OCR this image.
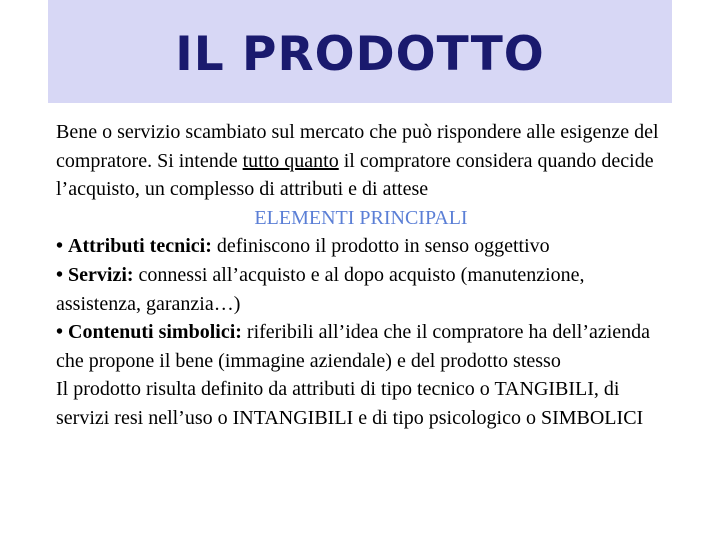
IL PRODOTTO

Bene o servizio scambiato sul mercato che può rispondere alle esigenze del compratore. Si intende tutto quanto il compratore considera quando decide l’acquisto, un complesso di attributi e di attese

ELEMENTI PRINCIPALI

• Attributi tecnici: definiscono il prodotto in senso oggettivo

• Servizi: connessi all’acquisto e al dopo acquisto (manutenzione, assistenza, garanzia…)

• Contenuti simbolici: riferibili all’idea che il compratore ha dell’azienda che propone il bene (immagine aziendale) e del prodotto stesso

Il prodotto risulta definito da attributi di tipo tecnico o TANGIBILI, di servizi resi nell’uso o INTANGIBILI e di tipo psicologico o SIMBOLICI
